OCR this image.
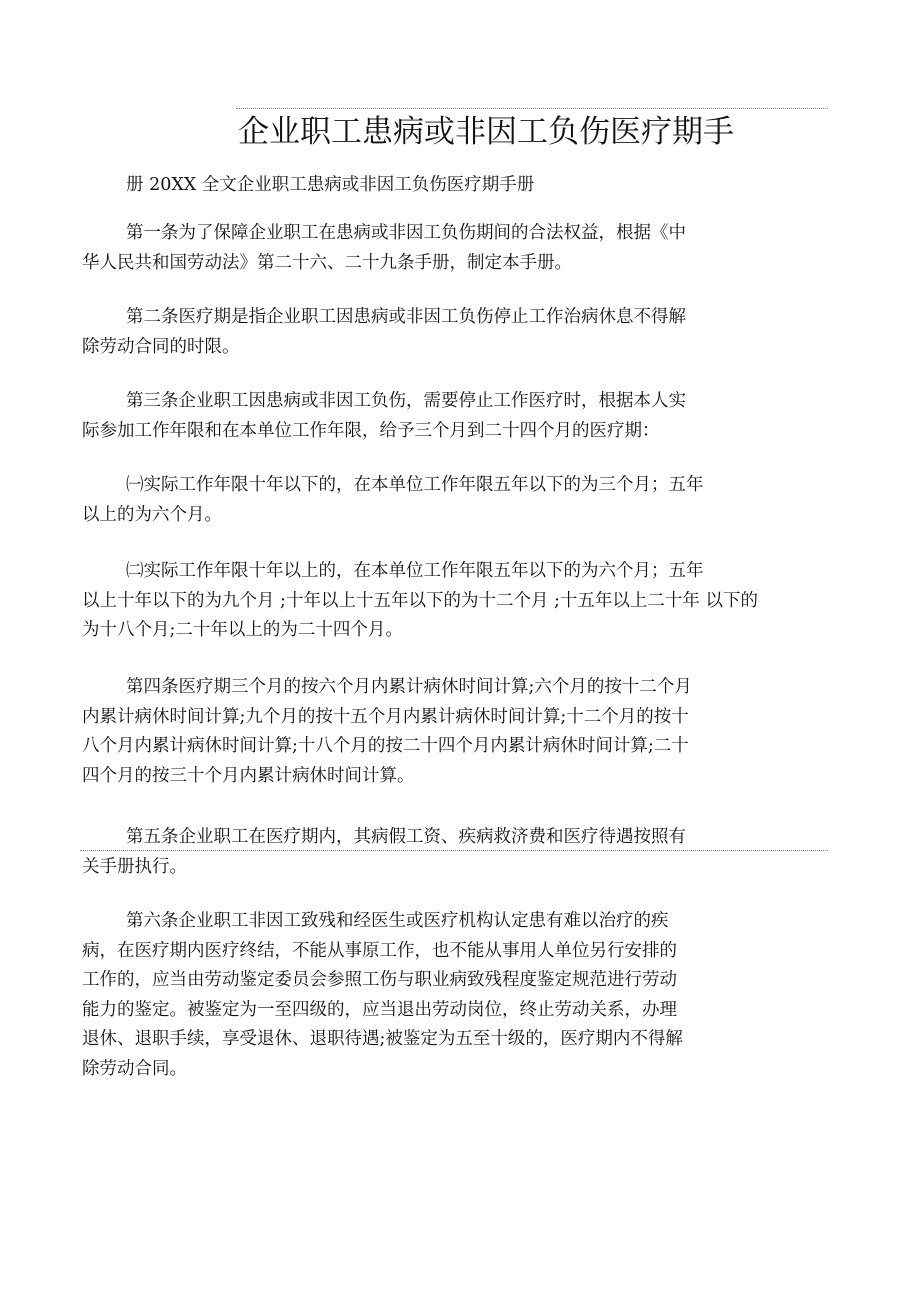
企业职工患病或非因工负伤医疗期手

册 20XX 全文企业职工患病或非因工负伤医疗期手册

第一条为了保障企业职工在患病或非因工负伤期间的合法权益，根据《中
华人民共和国劳动法》第二十六、二十九条手册，制定本手册。

第二条医疗期是指企业职工因患病或非因工负伤停止工作治病休息不得解
除劳动合同的时限。

第三条企业职工因患病或非因工负伤，需要停止工作医疗时，根据本人实
际参加工作年限和在本单位工作年限，给予三个月到二十四个月的医疗期：

㈠实际工作年限十年以下的，在本单位工作年限五年以下的为三个月；五年
以上的为六个月。

㈡实际工作年限十年以上的，在本单位工作年限五年以下的为六个月；五年
以上十年以下的为九个月 ;十年以上十五年以下的为十二个月 ;十五年以上二十年 以下的
为十八个月;二十年以上的为二十四个月。

第四条医疗期三个月的按六个月内累计病休时间计算;六个月的按十二个月
内累计病休时间计算;九个月的按十五个月内累计病休时间计算;十二个月的按十
八个月内累计病休时间计算;十八个月的按二十四个月内累计病休时间计算;二十
四个月的按三十个月内累计病休时间计算。

第五条企业职工在医疗期内，其病假工资、疾病救济费和医疗待遇按照有
关手册执行。

第六条企业职工非因工致残和经医生或医疗机构认定患有难以治疗的疾
病，在医疗期内医疗终结，不能从事原工作，也不能从事用人单位另行安排的
工作的，应当由劳动鉴定委员会参照工伤与职业病致残程度鉴定规范进行劳动
能力的鉴定。被鉴定为一至四级的，应当退出劳动岗位，终止劳动关系，办理
退休、退职手续，享受退休、退职待遇;被鉴定为五至十级的，医疗期内不得解
除劳动合同。
